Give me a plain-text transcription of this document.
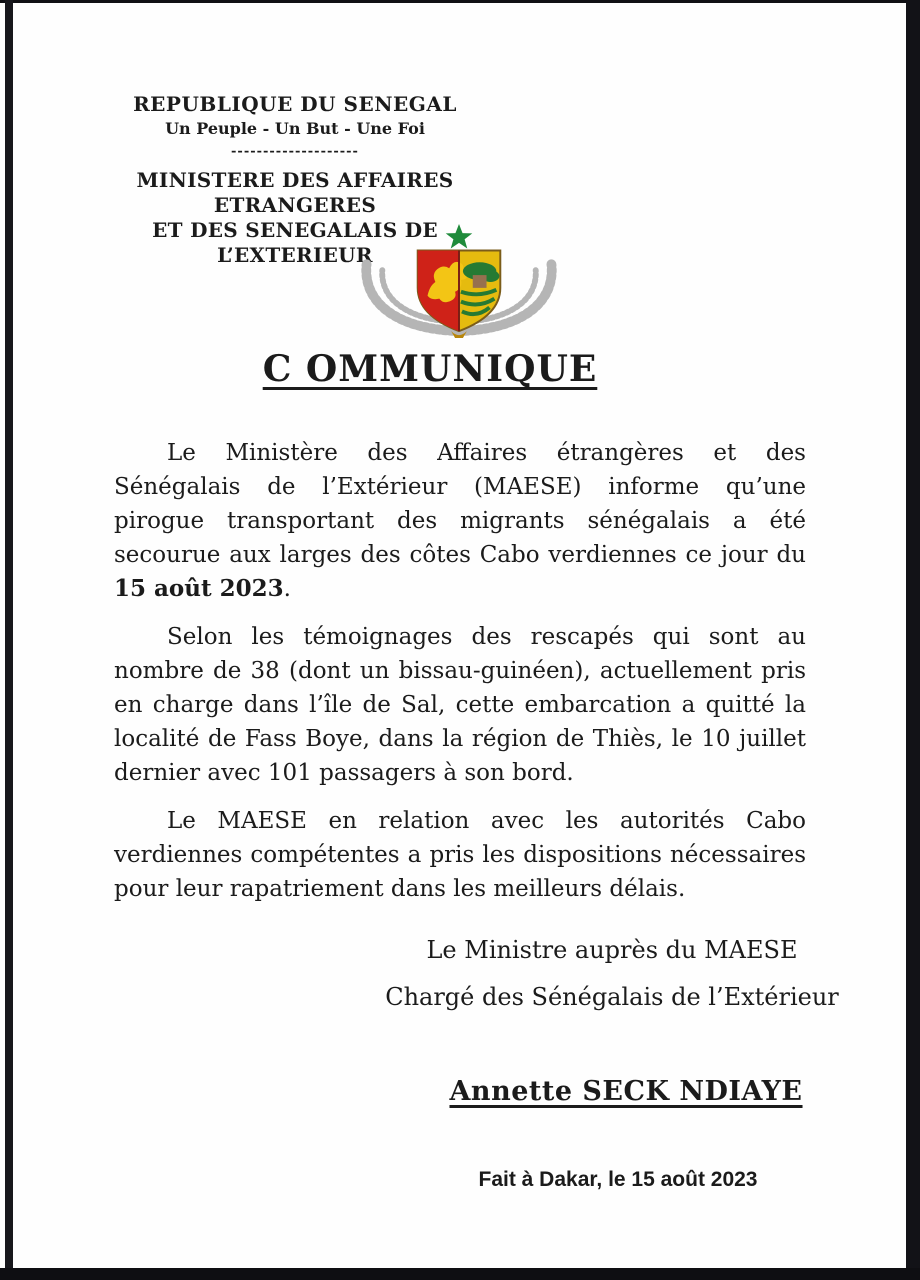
REPUBLIQUE DU SENEGAL
Un Peuple - Un But - Une Foi
--------------------
MINISTERE DES AFFAIRES ETRANGERES
ET DES SENEGALAIS DE L’EXTERIEUR
C OMMUNIQUE

Le Ministère des Affaires étrangères et des Sénégalais de l’Extérieur (MAESE) informe qu’une pirogue transportant des migrants sénégalais a été secourue aux larges des côtes Cabo verdiennes ce jour du 15 août 2023.

Selon les témoignages des rescapés qui sont au nombre de 38 (dont un bissau-guinéen), actuellement pris en charge dans l’île de Sal, cette embarcation a quitté la localité de Fass Boye, dans la région de Thiès, le 10 juillet dernier avec 101 passagers à son bord.

Le MAESE en relation avec les autorités Cabo verdiennes compétentes a pris les dispositions nécessaires pour leur rapatriement dans les meilleurs délais.

Le Ministre auprès du MAESE
Chargé des Sénégalais de l’Extérieur
Annette SECK NDIAYE
Fait à Dakar, le 15 août 2023
